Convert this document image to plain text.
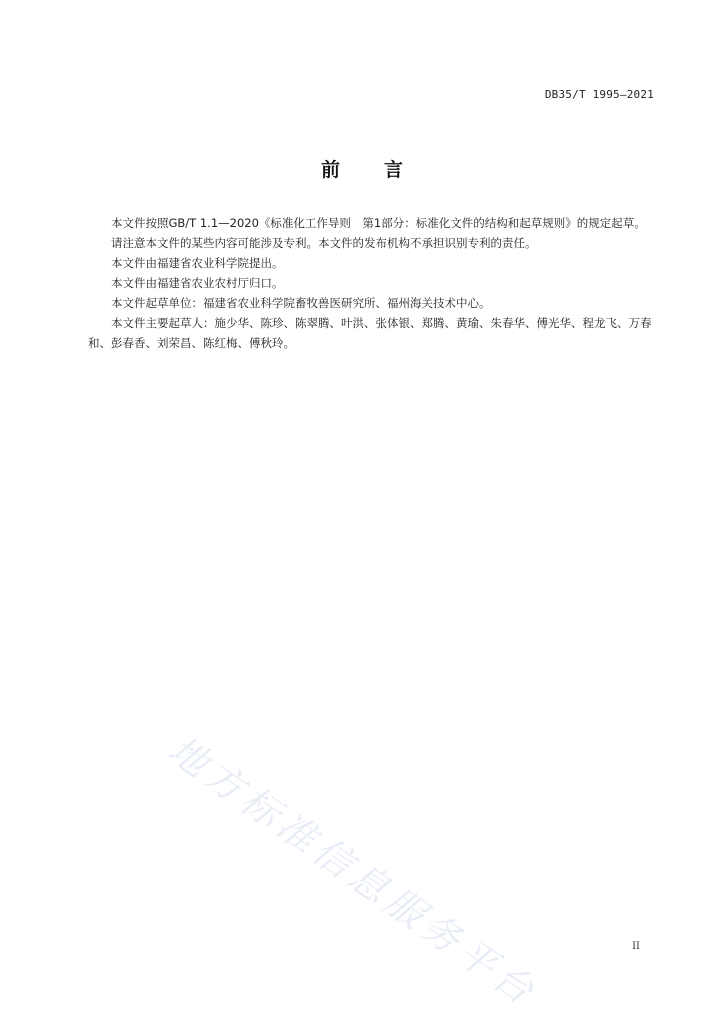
DB35/T 1995—2021
前 言

本文件按照GB/T 1.1—2020《标准化工作导则　第1部分：标准化文件的结构和起草规则》的规定起草。

请注意本文件的某些内容可能涉及专利。本文件的发布机构不承担识别专利的责任。

本文件由福建省农业科学院提出。

本文件由福建省农业农村厅归口。

本文件起草单位：福建省农业科学院畜牧兽医研究所、福州海关技术中心。

本文件主要起草人：施少华、陈珍、陈翠腾、叶洪、张体银、郑腾、黄瑜、朱春华、傅光华、程龙飞、万春和、彭春香、刘荣昌、陈红梅、傅秋玲。

地方标准信息服务平台	II
